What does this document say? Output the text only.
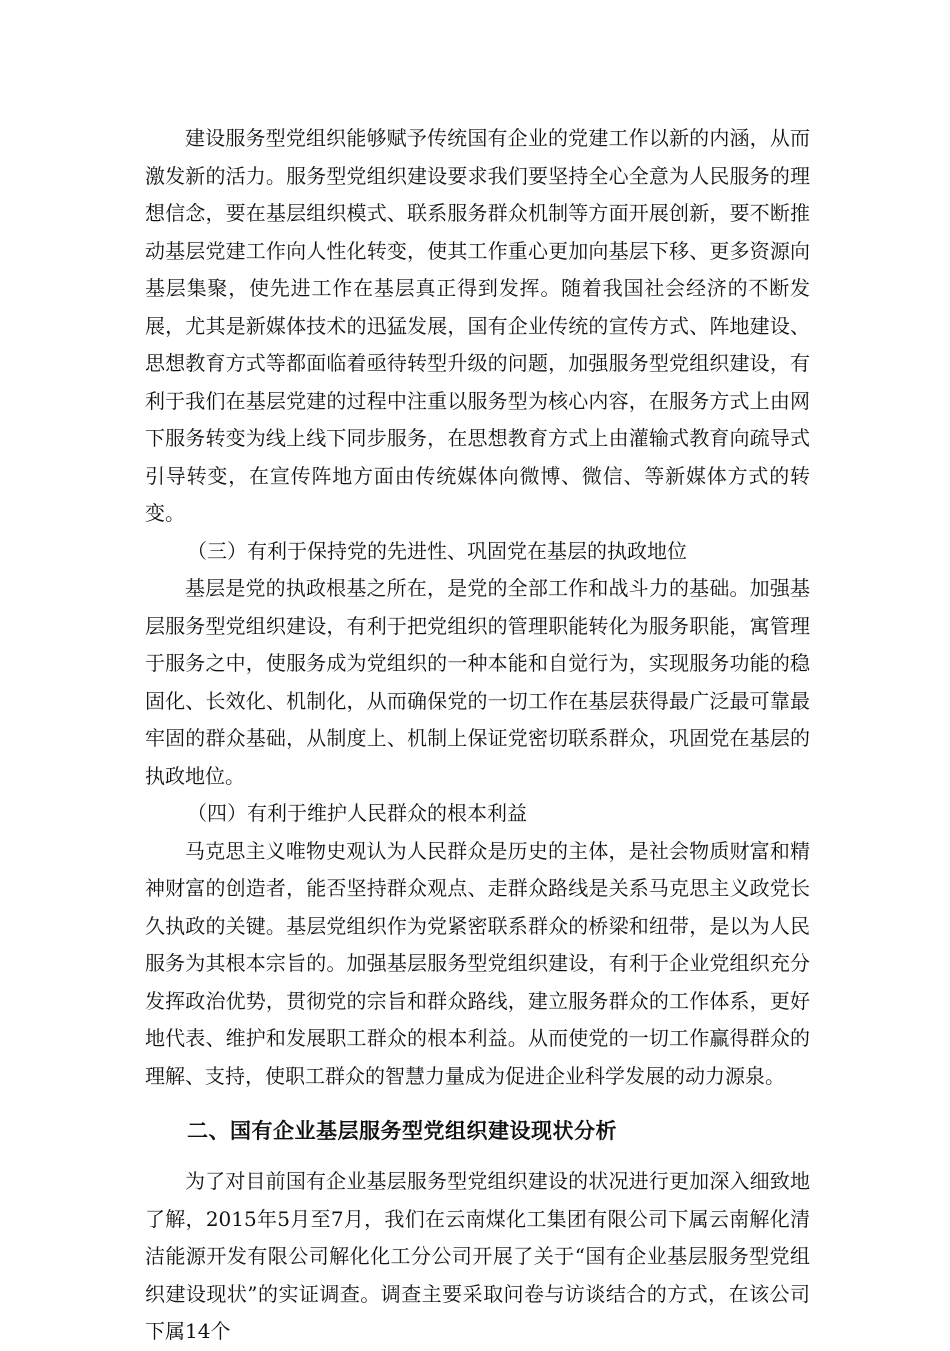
建设服务型党组织能够赋予传统国有企业的党建工作以新的内涵，从而激发新的活力。服务型党组织建设要求我们要坚持全心全意为人民服务的理想信念，要在基层组织模式、联系服务群众机制等方面开展创新，要不断推动基层党建工作向人性化转变，使其工作重心更加向基层下移、更多资源向基层集聚，使先进工作在基层真正得到发挥。随着我国社会经济的不断发展，尤其是新媒体技术的迅猛发展，国有企业传统的宣传方式、阵地建设、思想教育方式等都面临着亟待转型升级的问题，加强服务型党组织建设，有利于我们在基层党建的过程中注重以服务型为核心内容，在服务方式上由网下服务转变为线上线下同步服务，在思想教育方式上由灌输式教育向疏导式引导转变，在宣传阵地方面由传统媒体向微博、微信、等新媒体方式的转变。

（三）有利于保持党的先进性、巩固党在基层的执政地位

基层是党的执政根基之所在，是党的全部工作和战斗力的基础。加强基层服务型党组织建设，有利于把党组织的管理职能转化为服务职能，寓管理于服务之中，使服务成为党组织的一种本能和自觉行为，实现服务功能的稳固化、长效化、机制化，从而确保党的一切工作在基层获得最广泛最可靠最牢固的群众基础，从制度上、机制上保证党密切联系群众，巩固党在基层的执政地位。

（四）有利于维护人民群众的根本利益

马克思主义唯物史观认为人民群众是历史的主体，是社会物质财富和精神财富的创造者，能否坚持群众观点、走群众路线是关系马克思主义政党长久执政的关键。基层党组织作为党紧密联系群众的桥梁和纽带，是以为人民服务为其根本宗旨的。加强基层服务型党组织建设，有利于企业党组织充分发挥政治优势，贯彻党的宗旨和群众路线，建立服务群众的工作体系，更好地代表、维护和发展职工群众的根本利益。从而使党的一切工作赢得群众的理解、支持，使职工群众的智慧力量成为促进企业科学发展的动力源泉。

二、国有企业基层服务型党组织建设现状分析

为了对目前国有企业基层服务型党组织建设的状况进行更加深入细致地了解，2015年5月至7月，我们在云南煤化工集团有限公司下属云南解化清洁能源开发有限公司解化化工分公司开展了关于“国有企业基层服务型党组织建设现状”的实证调查。调查主要采取问卷与访谈结合的方式，在该公司下属14个
